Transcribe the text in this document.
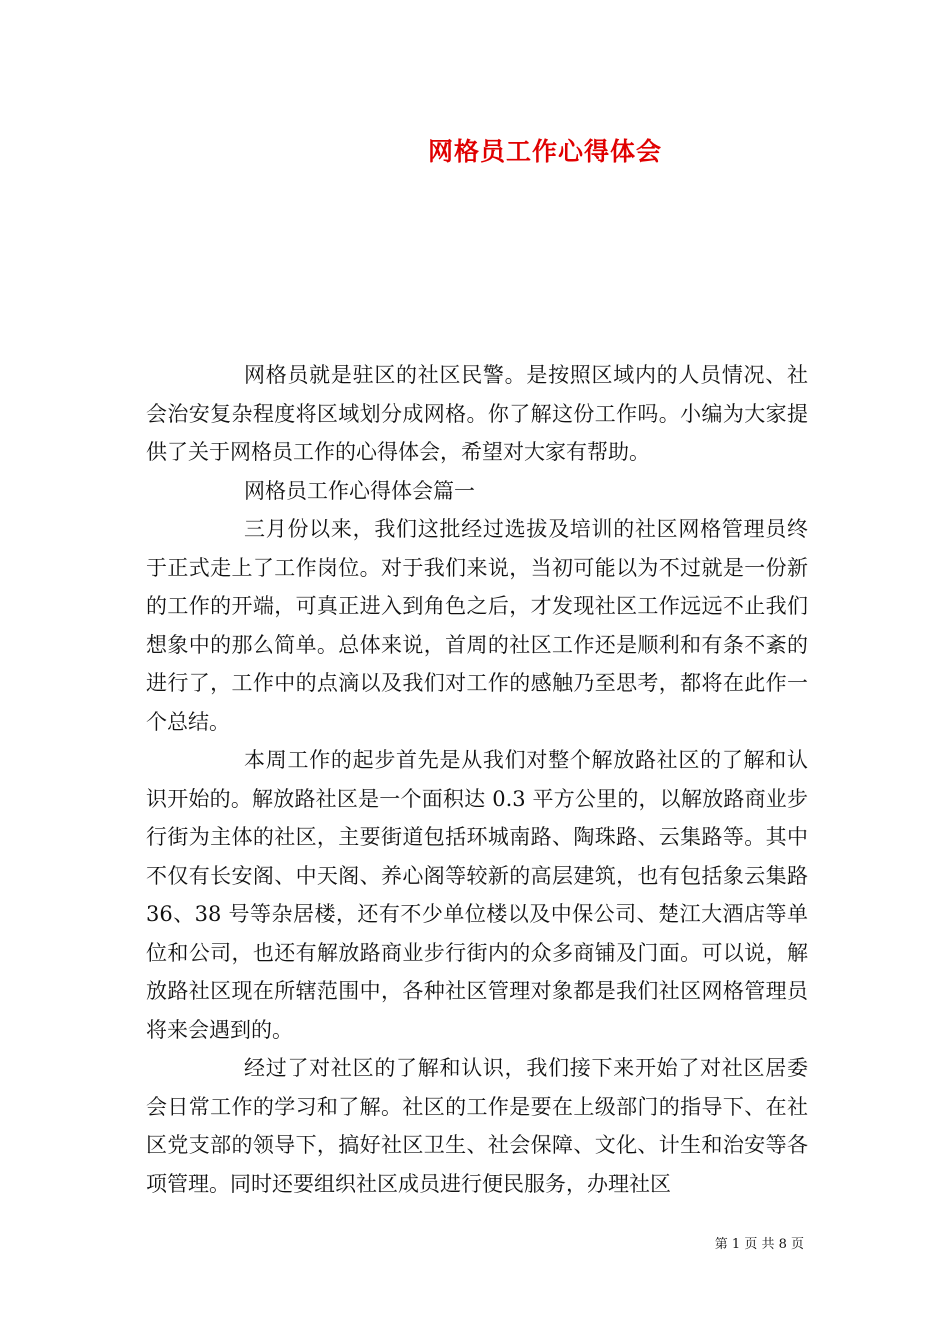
网格员工作心得体会

网格员就是驻区的社区民警。是按照区域内的人员情况、社会治安复杂程度将区域划分成网格。你了解这份工作吗。小编为大家提供了关于网格员工作的心得体会，希望对大家有帮助。

网格员工作心得体会篇一

三月份以来，我们这批经过选拔及培训的社区网格管理员终于正式走上了工作岗位。对于我们来说，当初可能以为不过就是一份新的工作的开端，可真正进入到角色之后，才发现社区工作远远不止我们想象中的那么简单。总体来说，首周的社区工作还是顺利和有条不紊的进行了，工作中的点滴以及我们对工作的感触乃至思考，都将在此作一个总结。

本周工作的起步首先是从我们对整个解放路社区的了解和认识开始的。解放路社区是一个面积达 0.3 平方公里的，以解放路商业步行街为主体的社区，主要街道包括环城南路、陶珠路、云集路等。其中不仅有长安阁、中天阁、养心阁等较新的高层建筑，也有包括象云集路 36、38 号等杂居楼，还有不少单位楼以及中保公司、楚江大酒店等单位和公司，也还有解放路商业步行街内的众多商铺及门面。可以说，解放路社区现在所辖范围中，各种社区管理对象都是我们社区网格管理员将来会遇到的。

经过了对社区的了解和认识，我们接下来开始了对社区居委会日常工作的学习和了解。社区的工作是要在上级部门的指导下、在社区党支部的领导下，搞好社区卫生、社会保障、文化、计生和治安等各项管理。同时还要组织社区成员进行便民服务，办理社区

第 1 页 共 8 页
